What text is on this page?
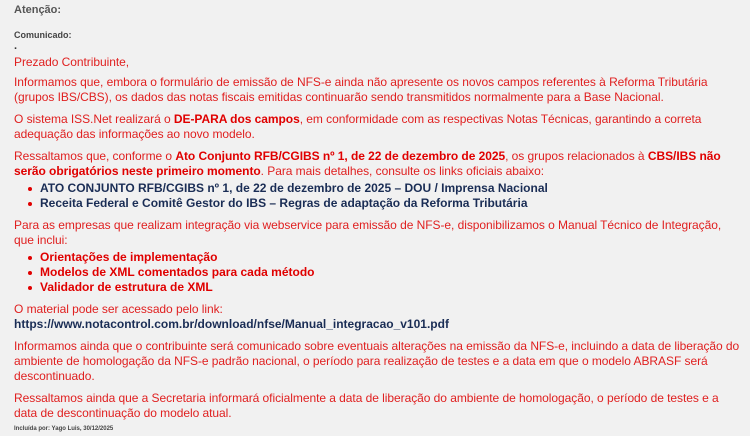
Atenção:
Comunicado:
.
Prezado Contribuinte,
Informamos que, embora o formulário de emissão de NFS-e ainda não apresente os novos campos referentes à Reforma Tributária (grupos IBS/CBS), os dados das notas fiscais emitidas continuarão sendo transmitidos normalmente para a Base Nacional.
O sistema ISS.Net realizará o DE-PARA dos campos, em conformidade com as respectivas Notas Técnicas, garantindo a correta adequação das informações ao novo modelo.
Ressaltamos que, conforme o Ato Conjunto RFB/CGIBS nº 1, de 22 de dezembro de 2025, os grupos relacionados à CBS/IBS não serão obrigatórios neste primeiro momento. Para mais detalhes, consulte os links oficiais abaixo:
ATO CONJUNTO RFB/CGIBS nº 1, de 22 de dezembro de 2025 – DOU / Imprensa Nacional
Receita Federal e Comitê Gestor do IBS – Regras de adaptação da Reforma Tributária
Para as empresas que realizam integração via webservice para emissão de NFS-e, disponibilizamos o Manual Técnico de Integração, que inclui:
Orientações de implementação
Modelos de XML comentados para cada método
Validador de estrutura de XML
O material pode ser acessado pelo link:
https://www.notacontrol.com.br/download/nfse/Manual_integracao_v101.pdf
Informamos ainda que o contribuinte será comunicado sobre eventuais alterações na emissão da NFS-e, incluindo a data de liberação do ambiente de homologação da NFS-e padrão nacional, o período para realização de testes e a data em que o modelo ABRASF será descontinuado.
Ressaltamos ainda que a Secretaria informará oficialmente a data de liberação do ambiente de homologação, o período de testes e a data de descontinuação do modelo atual.
Incluída por: Yago Luis, 30/12/2025
